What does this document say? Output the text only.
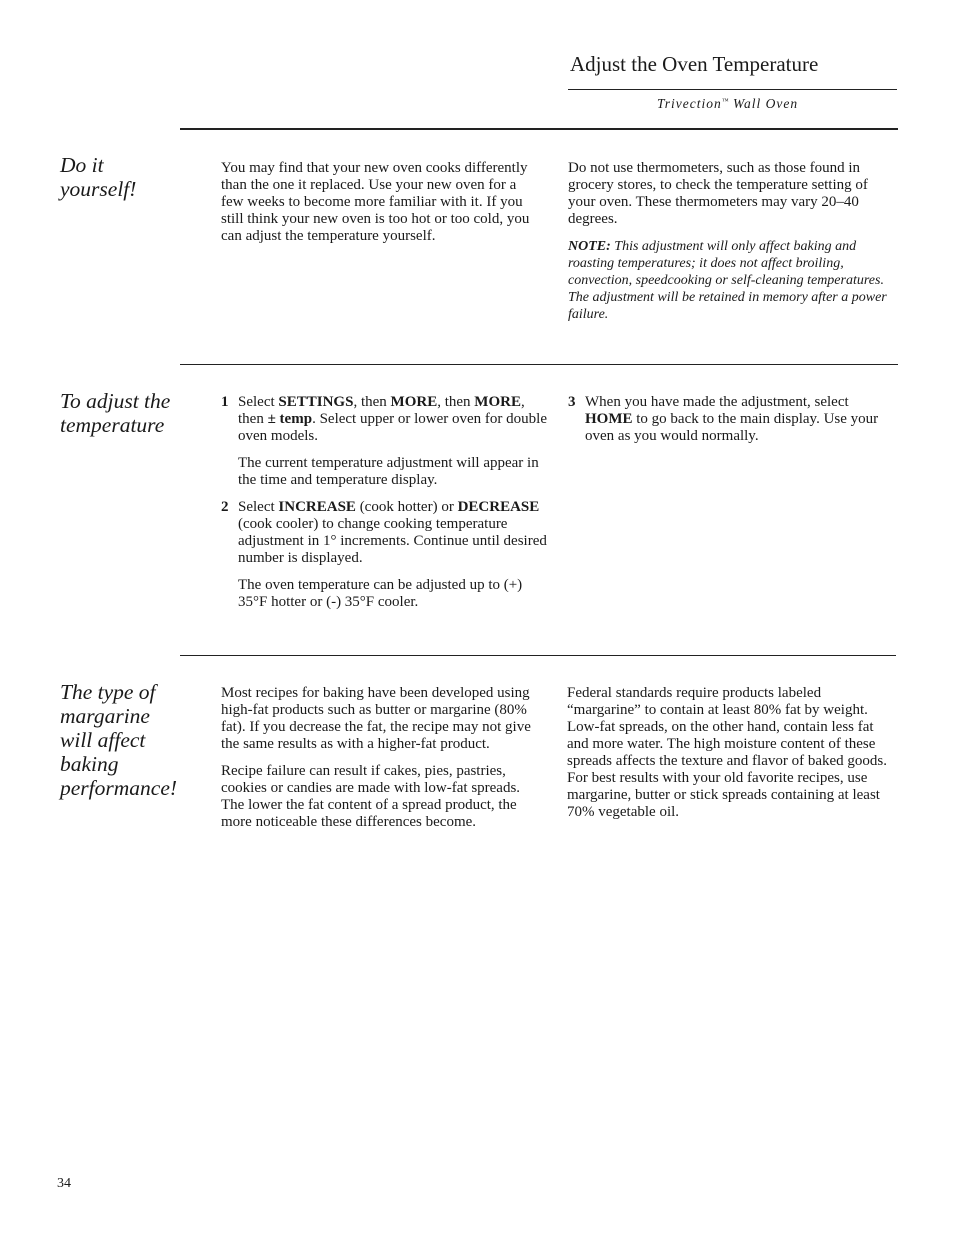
Adjust the Oven Temperature
Trivection™ Wall Oven
Do it yourself!

You may find that your new oven cooks differently than the one it replaced. Use your new oven for a few weeks to become more familiar with it. If you still think your new oven is too hot or too cold, you can adjust the temperature yourself.

Do not use thermometers, such as those found in grocery stores, to check the temperature setting of your oven. These thermometers may vary 20–40 degrees.

NOTE: This adjustment will only affect baking and roasting temperatures; it does not affect broiling, convection, speedcooking or self-cleaning temperatures. The adjustment will be retained in memory after a power failure.
To adjust the temperature
1 Select SETTINGS, then MORE, then MORE, then ± temp. Select upper or lower oven for double oven models.
The current temperature adjustment will appear in the time and temperature display.
2 Select INCREASE (cook hotter) or DECREASE (cook cooler) to change cooking temperature adjustment in 1° increments. Continue until desired number is displayed.
The oven temperature can be adjusted up to (+) 35°F hotter or (-) 35°F cooler.
3 When you have made the adjustment, select HOME to go back to the main display. Use your oven as you would normally.
The type of margarine will affect baking performance!

Most recipes for baking have been developed using high-fat products such as butter or margarine (80% fat). If you decrease the fat, the recipe may not give the same results as with a higher-fat product.

Recipe failure can result if cakes, pies, pastries, cookies or candies are made with low-fat spreads. The lower the fat content of a spread product, the more noticeable these differences become.

Federal standards require products labeled “margarine” to contain at least 80% fat by weight. Low-fat spreads, on the other hand, contain less fat and more water. The high moisture content of these spreads affects the texture and flavor of baked goods. For best results with your old favorite recipes, use margarine, butter or stick spreads containing at least 70% vegetable oil.

34
